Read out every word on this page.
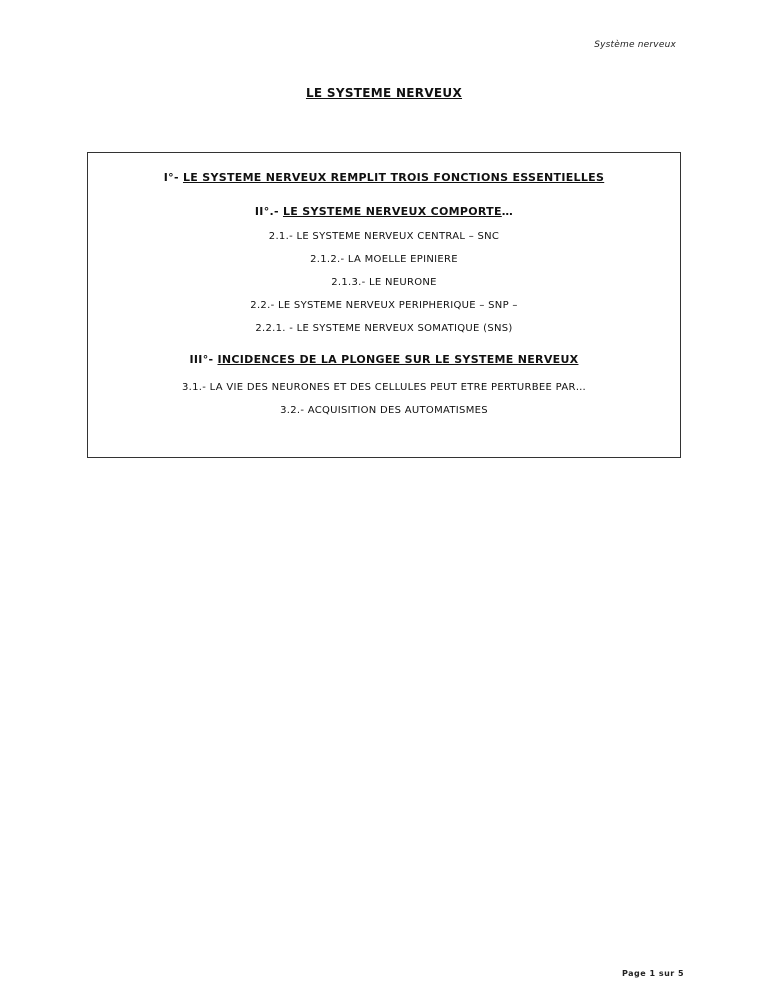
Système nerveux
LE SYSTEME NERVEUX
I°- LE SYSTEME NERVEUX REMPLIT TROIS FONCTIONS ESSENTIELLES
II°.- LE SYSTEME NERVEUX COMPORTE…
2.1.- LE SYSTEME NERVEUX CENTRAL – SNC
2.1.2.- LA MOELLE EPINIERE
2.1.3.- LE NEURONE
2.2.- LE SYSTEME NERVEUX PERIPHERIQUE – SNP –
2.2.1. - LE SYSTEME NERVEUX SOMATIQUE (SNS)
III°- INCIDENCES DE LA PLONGEE SUR LE SYSTEME NERVEUX
3.1.- LA VIE DES NEURONES ET DES CELLULES PEUT ETRE PERTURBEE PAR…
3.2.- ACQUISITION DES AUTOMATISMES
Page 1 sur 5
